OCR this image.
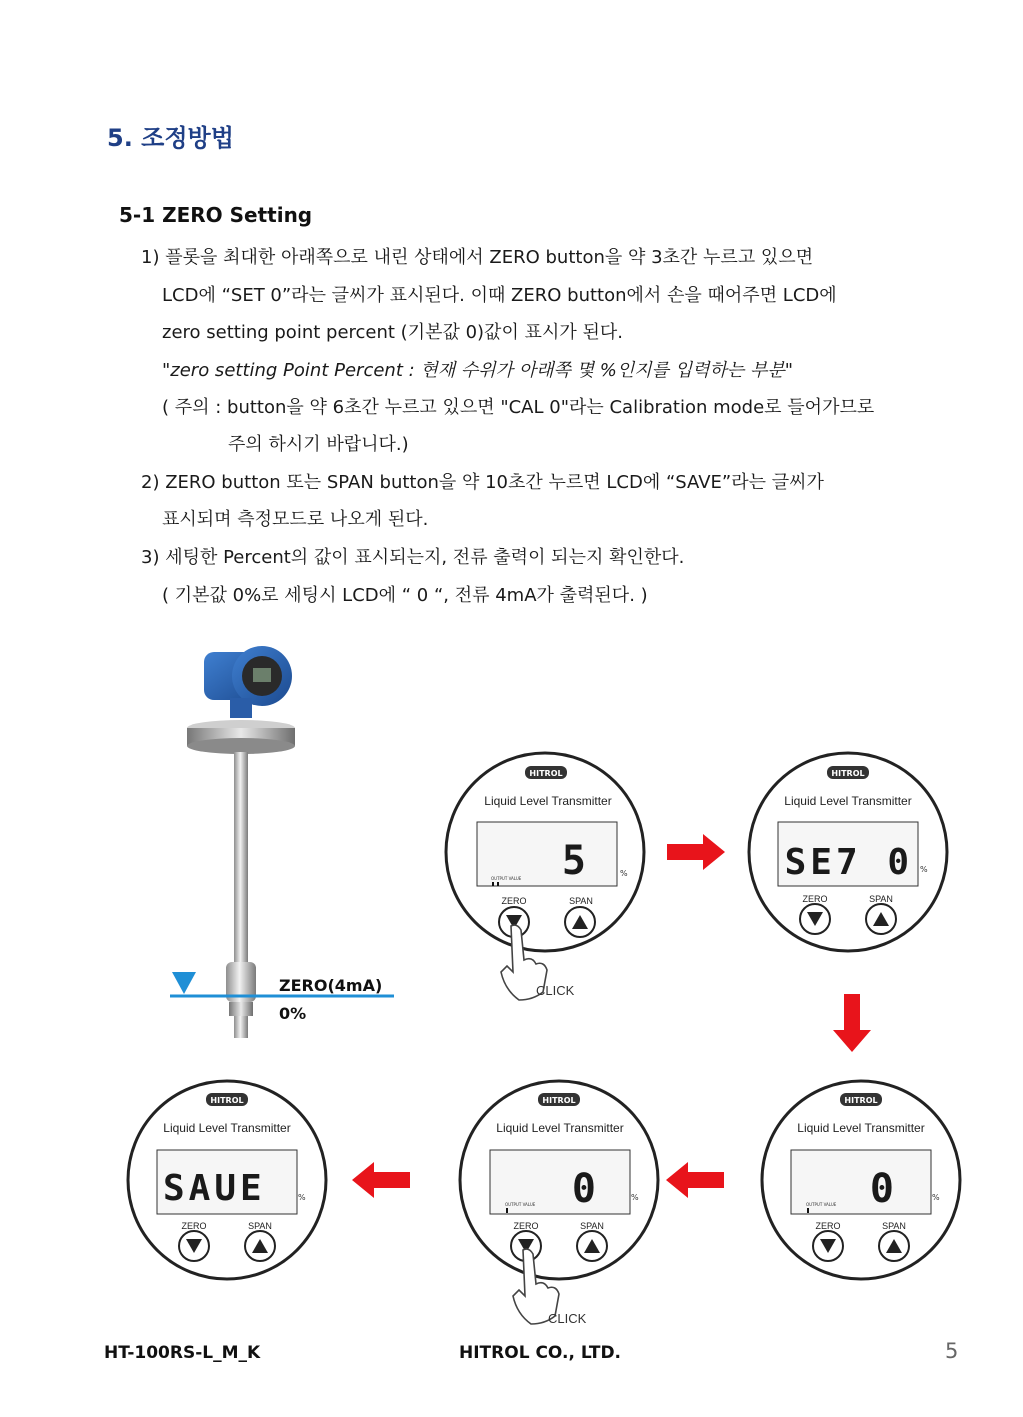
5. 조정방법
5-1 ZERO Setting
1) 플롯을 최대한 아래쪽으로 내린 상태에서 ZERO button을 약 3초간 누르고 있으면
LCD에 “SET 0”라는 글씨가 표시된다. 이때 ZERO button에서 손을 때어주면 LCD에
zero setting point percent (기본값 0)값이 표시가 된다.
"zero setting Point Percent : 현재 수위가 아래쪽 몇 %인지를 입력하는 부분"
( 주의 : button을 약 6초간 누르고 있으면 "CAL 0"라는 Calibration mode로 들어가므로
주의 하시기 바랍니다.)
2) ZERO button 또는 SPAN button을 약 10초간 누르면 LCD에 “SAVE”라는 글씨가
표시되며 측정모드로 나오게 된다.
3) 세팅한 Percent의 값이 표시되는지, 전류 출력이 되는지 확인한다.
( 기본값 0%로 세팅시 LCD에 “ 0 “, 전류 4mA가 출력된다. )
ZERO(4mA)
0%
HITROL
Liquid Level Transmitter
5	%
OUTPUT VALUE
ZERO	SPAN
CLICK
HITROL
Liquid Level Transmitter
SE7 0 %
ZERO	SPAN
HITROL
Liquid Level Transmitter
0	%
OUTPUT VALUE
ZERO	SPAN
HITROL
Liquid Level Transmitter
0	%
OUTPUT VALUE
ZERO	SPAN
CLICK
HITROL
Liquid Level Transmitter
SAUE	%
ZERO	SPAN
HT-100RS-L_M_K	HITROL CO., LTD.	5
